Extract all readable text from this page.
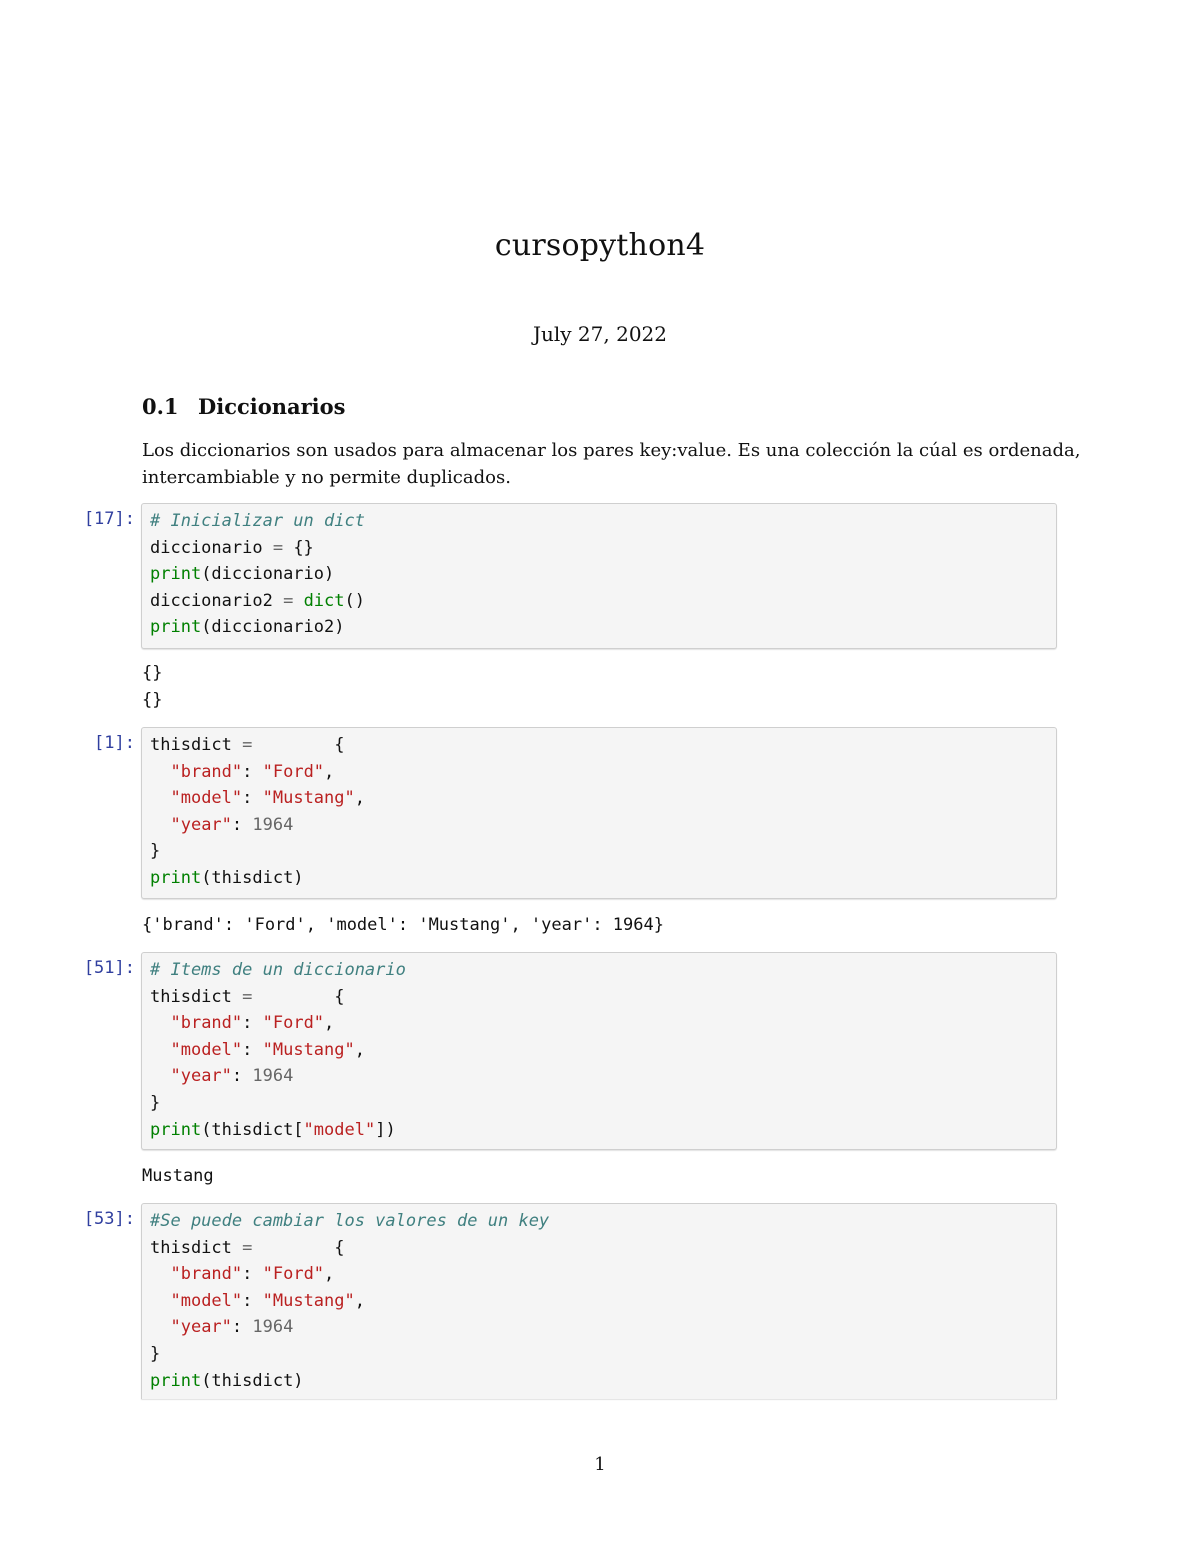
cursopython4
July 27, 2022
0.1 Diccionarios
Los diccionarios son usados para almacenar los pares key:value. Es una colección la cúal es ordenada,
intercambiable y no permite duplicados.
[17]: # Inicializar un dict
diccionario = {}
print(diccionario)
diccionario2 = dict()
print(diccionario2)
{}
{}
[1]: thisdict =        {
"brand": "Ford",
"model": "Mustang",
"year": 1964
}
print(thisdict)
{'brand': 'Ford', 'model': 'Mustang', 'year': 1964}
[51]: # Items de un diccionario
thisdict =        {
"brand": "Ford",
"model": "Mustang",
"year": 1964
}
print(thisdict["model"])
Mustang
[53]: #Se puede cambiar los valores de un key
thisdict =        {
"brand": "Ford",
"model": "Mustang",
"year": 1964
}
print(thisdict)
1
